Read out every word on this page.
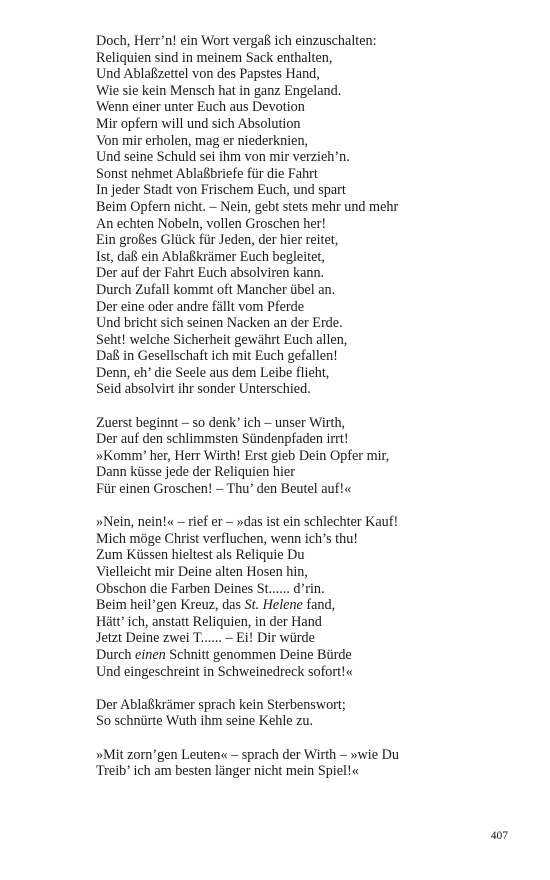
Doch, Herr’n! ein Wort vergaß ich einzuschalten:
Reliquien sind in meinem Sack enthalten,
Und Ablaßzettel von des Papstes Hand,
Wie sie kein Mensch hat in ganz Engeland.
Wenn einer unter Euch aus Devotion
Mir opfern will und sich Absolution
Von mir erholen, mag er niederknien,
Und seine Schuld sei ihm von mir verzieh’n.
Sonst nehmet Ablaßbriefe für die Fahrt
In jeder Stadt von Frischem Euch, und spart
Beim Opfern nicht. – Nein, gebt stets mehr und mehr
An echten Nobeln, vollen Groschen her!
Ein großes Glück für Jeden, der hier reitet,
Ist, daß ein Ablaßkrämer Euch begleitet,
Der auf der Fahrt Euch absolviren kann.
Durch Zufall kommt oft Mancher übel an.
Der eine oder andre fällt vom Pferde
Und bricht sich seinen Nacken an der Erde.
Seht! welche Sicherheit gewährt Euch allen,
Daß in Gesellschaft ich mit Euch gefallen!
Denn, eh’ die Seele aus dem Leibe flieht,
Seid absolvirt ihr sonder Unterschied.
Zuerst beginnt – so denk’ ich – unser Wirth,
Der auf den schlimmsten Sündenpfaden irrt!
»Komm’ her, Herr Wirth! Erst gieb Dein Opfer mir,
Dann küsse jede der Reliquien hier
Für einen Groschen! – Thu’ den Beutel auf!«
»Nein, nein!« – rief er – »das ist ein schlechter Kauf!
Mich möge Christ verfluchen, wenn ich’s thu!
Zum Küssen hieltest als Reliquie Du
Vielleicht mir Deine alten Hosen hin,
Obschon die Farben Deines St...... d’rin.
Beim heil’gen Kreuz, das St. Helene fand,
Hätt’ ich, anstatt Reliquien, in der Hand
Jetzt Deine zwei T...... – Ei! Dir würde
Durch einen Schnitt genommen Deine Bürde
Und eingeschreint in Schweinedreck sofort!«
Der Ablaßkrämer sprach kein Sterbenswort;
So schnürte Wuth ihm seine Kehle zu.
»Mit zorn’gen Leuten« – sprach der Wirth – »wie Du
Treib’ ich am besten länger nicht mein Spiel!«
407
